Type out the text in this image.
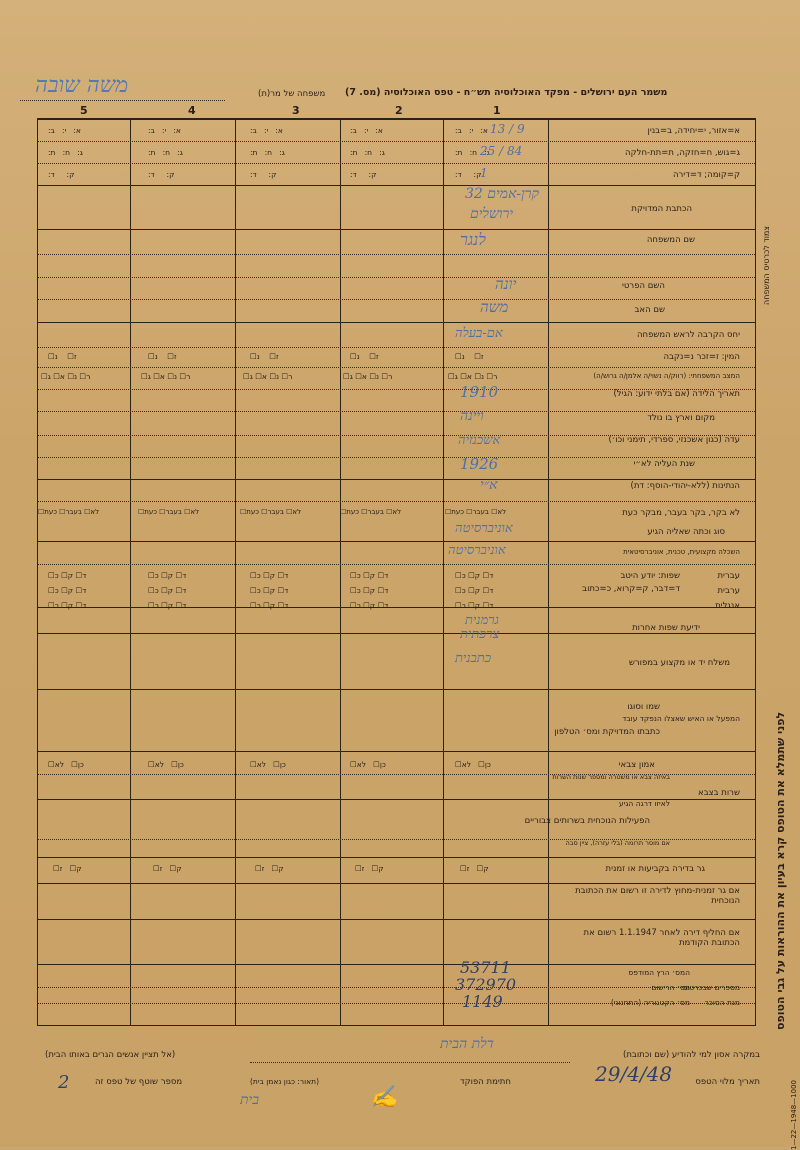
משמר העם ירושלים - מפקד האוכלוסיה תש״ח - טפס האוכלוסיה (מס. 7)
משפחה של מר(ת)
משה שובה
1
2
3
4
5
א=אזור, י=יחידה, ב=בנין
ג=גוש, ח=חזקה, ת=תת-חלקה
ק=קומה; ד=דירה
הכתבת המדויקת
שם המשפחה
השם הפרטי
שם האב
יחס הקרבה לראש המשפחה
המין: ז=זכר נ=נקבה
המצב המשפחתי: (רווק/ה נשוי/ה אלמן/ה גרוש/ה)
תאריך הלידה (אם בלתי ידוע: הגיל)
מקום וארץ בו נולד
עדה (כגון אשכנזי, ספרדי, תימני וכו׳)
שנת העליה לא״י
הנתינות (ללא-יהודי-הוסף: דת)
לא בקר, בקר בעבר, מבקר כעת
סוג וכתה שאליה הגיע
השכלה מקצועית, טכנית, אוניברסיטאית
שפות: יודע היטב
ד=דבר, ק=קרוא, כ=כתוב
עברית
ערבית
אנגלית
ידיעת שפות אחרות
משלח יד או מקצוע במפורש
שמו וסוגו
כתבתו המדויקת ומס׳ הטלפון
המפעל או האיש שאצלו הנפקד עובד
אמון צבאי
באיזה צבא או משטרה ומספר שנות השרות
לאיזו דרגה הגיע
שרות בצבא
הפעילות הנוכחית בשרותים צבוריים
אם מוסר תרומה (בלי עזרה), ציין סבה
גר בדירה בקביעות או זמנית
אם גר זמנית-מחוץ לדירה זו רשום את הכתובת הנוכחית
אם החליף דירה לאחר 1.1.1947 רשום את הכתובת הקודמת
המס׳ הרץ המודפס
מס׳ הרישום
מס׳ הקטגוריה (התחנוני)
מספרים שבכרטיס
מנת הסוכר
א:   י:   ב:
א:   י:   ב:
א:   י:   ב:
א:   י:   ב:
א:   י:   ב:
ג:   ח:   ת:
ג:   ח:   ת:
ג:   ח:   ת:
ג:   ח:   ת:
ג:   ח:   ת:
ק:     ד:
ק:     ד:
ק:     ד:
ק:     ד:
ק:     ד:
ז☐    נ☐
ז☐    נ☐
ז☐    נ☐
ז☐    נ☐
ז☐    נ☐
ר☐ נ☐ א☐ ג☐
ר☐ נ☐ א☐ ג☐
ר☐ נ☐ א☐ ג☐
ר☐ נ☐ א☐ ג☐
ר☐ נ☐ א☐ ג☐
לא☐ בעבר☐ כעת☐
לא☐ בעבר☐ כעת☐
לא☐ בעבר☐ כעת☐
לא☐ בעבר☐ כעת☐
לא☐ בעבר☐ כעת☐
ד☐ ק☐ כ☐
ד☐ ק☐ כ☐
ד☐ ק☐ כ☐
ד☐ ק☐ כ☐
ד☐ ק☐ כ☐
ד☐ ק☐ כ☐
ד☐ ק☐ כ☐
ד☐ ק☐ כ☐
ד☐ ק☐ כ☐
ד☐ ק☐ כ☐
ד☐ ק☐ כ☐
ד☐ ק☐ כ☐
ד☐ ק☐ כ☐
ד☐ ק☐ כ☐
ד☐ ק☐ כ☐
כן☐   לא☐
כן☐   לא☐
כן☐   לא☐
כן☐   לא☐
כן☐   לא☐
ק☐   ז☐
ק☐   ז☐
ק☐   ז☐
ק☐   ז☐
ק☐   ז☐
13 / 9
25 / 84
1
32 קרן-אמים
ירושלים
לנגר
יונה
משה
אם-בעלה
1910
ויינה
אשכנזיה
1926
א״י
אוניברסיטה
אוניברסיטה
גרמנית
צרפתית
כתבנית
53711
372970
1149	לפני שתמלא את הטופס קרא בעיון את ההוראות על גבי הטופס
צמוד לכרטיס המשפחה
1—22—1948—1000
במקרה אסון למי להודיע (שם וכתובת)
(אל תציין אנשים הגרים באותו הבית)
דלת הבית
תאריך מלוי הטפס
29/4/48
חתימת הפוקד
✍
(תאור: כגון נאמן בית)
בית
מספר שוטף של טפס זה
2
